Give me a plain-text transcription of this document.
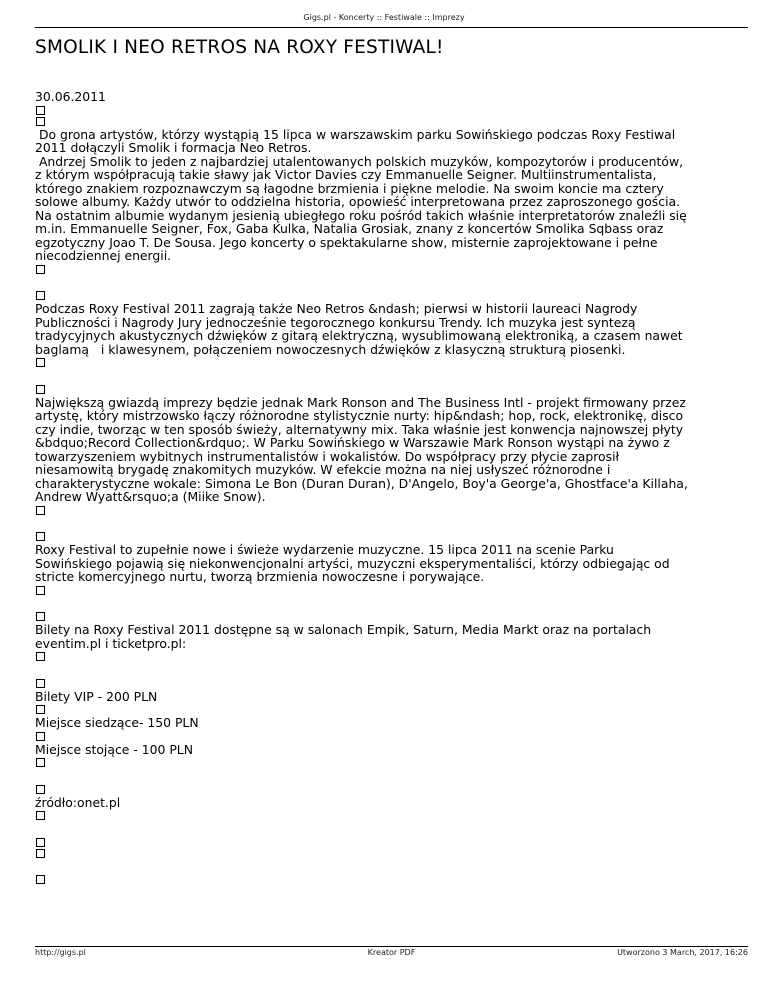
Gigs.pl - Koncerty :: Festiwale :: Imprezy
SMOLIK I NEO RETROS NA ROXY FESTIWAL!
30.06.2011
Do grona artystów, którzy wystąpią 15 lipca w warszawskim parku Sowińskiego podczas Roxy Festiwal
2011 dołączyli Smolik i formacja Neo Retros.
Andrzej Smolik to jeden z najbardziej utalentowanych polskich muzyków, kompozytorów i producentów,
z którym współpracują takie sławy jak Victor Davies czy Emmanuelle Seigner. Multiinstrumentalista,
którego znakiem rozpoznawczym są łagodne brzmienia i piękne melodie. Na swoim koncie ma cztery
solowe albumy. Każdy utwór to oddzielna historia, opowieść interpretowana przez zaproszonego gościa.
Na ostatnim albumie wydanym jesienią ubiegłego roku pośród takich właśnie interpretatorów znaleźli się
m.in. Emmanuelle Seigner, Fox, Gaba Kulka, Natalia Grosiak, znany z koncertów Smolika Sqbass oraz
egzotyczny Joao T. De Sousa. Jego koncerty o spektakularne show, misternie zaprojektowane i pełne
niecodziennej energii.
Podczas Roxy Festival 2011 zagrają także Neo Retros &ndash; pierwsi w historii laureaci Nagrody
Publiczności i Nagrody Jury jednocześnie tegorocznego konkursu Trendy. Ich muzyka jest syntezą
tradycyjnych akustycznych dźwięków z gitarą elektryczną, wysublimowaną elektroniką, a czasem nawet
baglamą   i klawesynem, połączeniem nowoczesnych dźwięków z klasyczną strukturą piosenki.
Największą gwiazdą imprezy będzie jednak Mark Ronson and The Business Intl - projekt firmowany przez
artystę, który mistrzowsko łączy różnorodne stylistycznie nurty: hip&ndash; hop, rock, elektronikę, disco
czy indie, tworząc w ten sposób świeży, alternatywny mix. Taka właśnie jest konwencja najnowszej płyty
&bdquo;Record Collection&rdquo;. W Parku Sowińskiego w Warszawie Mark Ronson wystąpi na żywo z
towarzyszeniem wybitnych instrumentalistów i wokalistów. Do współpracy przy płycie zaprosił
niesamowitą brygadę znakomitych muzyków. W efekcie można na niej usłyszeć różnorodne i
charakterystyczne wokale: Simona Le Bon (Duran Duran), D'Angelo, Boy'a George'a, Ghostface'a Killaha,
Andrew Wyatt&rsquo;a (Miike Snow).
Roxy Festival to zupełnie nowe i świeże wydarzenie muzyczne. 15 lipca 2011 na scenie Parku
Sowińskiego pojawią się niekonwencjonalni artyści, muzyczni eksperymentaliści, którzy odbiegając od
stricte komercyjnego nurtu, tworzą brzmienia nowoczesne i porywające.
Bilety na Roxy Festival 2011 dostępne są w salonach Empik, Saturn, Media Markt oraz na portalach
eventim.pl i ticketpro.pl:
Bilety VIP - 200 PLN
Miejsce siedzące- 150 PLN
Miejsce stojące - 100 PLN
źródło:onet.pl
http://gigs.pl	Kreator PDF	Utworzono 3 March, 2017, 16:26
